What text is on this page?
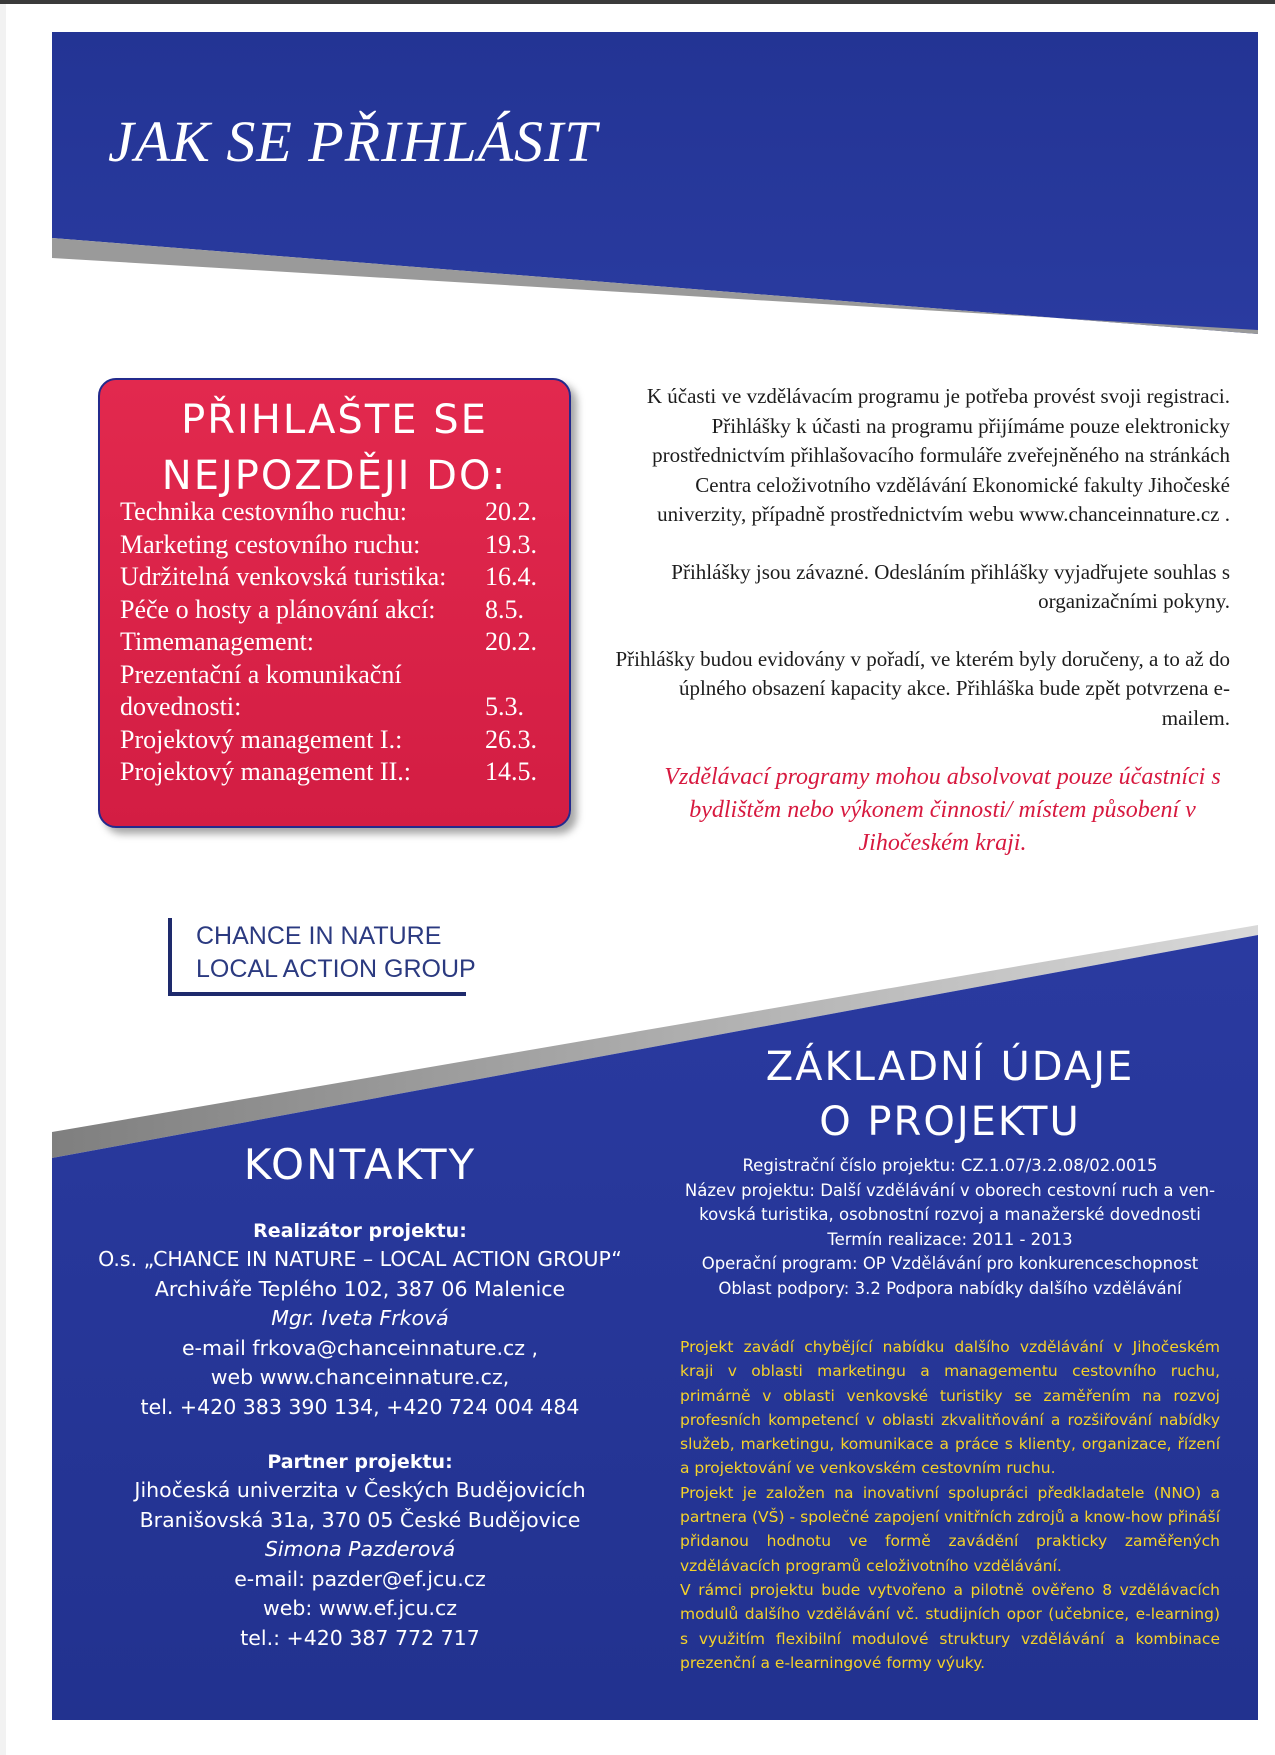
JAK SE PŘIHLÁSIT
PŘIHLAŠTE SE
NEJPOZDĚJI DO:
Technika cestovního ruchu:	20.2.
Marketing cestovního ruchu:	19.3.
Udržitelná venkovská turistika:	16.4.
Péče o hosty a plánování akcí:	8.5.
Timemanagement:	20.2.
Prezentační a komunikační
dovednosti:	5.3.
Projektový management I.:	26.3.
Projektový management II.:	14.5.

K účasti ve vzdělávacím programu je potřeba provést svoji registraci. Přihlášky k účasti na programu přijímáme pouze elektronicky prostřednictvím přihlašovacího formuláře zveřejněného na stránkách Centra celoživotního vzdělávání Ekonomické fakulty Jihočeské univerzity, případně prostřednictvím webu www.chanceinnature.cz .

Přihlášky jsou závazné. Odesláním přihlášky vyjadřujete souhlas s organizačními pokyny.

Přihlášky budou evidovány v pořadí, ve kterém byly doručeny, a to až do úplného obsazení kapacity akce. Přihláška bude zpět potvrzena e-mailem.

Vzdělávací programy mohou absolvovat pouze účastníci s bydlištěm nebo výkonem činnosti/ místem působení v Jihočeském kraji.

CHANCE IN NATURE
LOCAL ACTION GROUP
KONTAKTY
Realizátor projektu:
O.s. „CHANCE IN NATURE – LOCAL ACTION GROUP“
Archiváře Teplého 102, 387 06 Malenice
Mgr. Iveta Frková
e-mail frkova@chanceinnature.cz ,
web www.chanceinnature.cz,
tel. +420 383 390 134, +420 724 004 484
Partner projektu:
Jihočeská univerzita v Českých Budějovicích
Branišovská 31a, 370 05 České Budějovice
Simona Pazderová
e-mail: pazder@ef.jcu.cz
web: www.ef.jcu.cz
tel.: +420 387 772 717
ZÁKLADNÍ ÚDAJE
O PROJEKTU
Registrační číslo projektu: CZ.1.07/3.2.08/02.0015
Název projektu: Další vzdělávání v oborech cestovní ruch a ven-
kovská turistika, osobnostní rozvoj a manažerské dovednosti
Termín realizace: 2011 - 2013
Operační program: OP Vzdělávání pro konkurenceschopnost
Oblast podpory: 3.2 Podpora nabídky dalšího vzdělávání

Projekt zavádí chybějící nabídku dalšího vzdělávání v Jihočeském kraji v oblasti marketingu a managementu cestovního ruchu, primárně v oblasti venkovské turistiky se zaměřením na rozvoj profesních kompetencí v oblasti zkvalitňování a rozšiřování nabídky služeb, marketingu, komunikace a práce s klienty, organizace, řízení a projektování ve venkovském cestovním ruchu.

Projekt je založen na inovativní spolupráci předkladatele (NNO) a partnera (VŠ) - společné zapojení vnitřních zdrojů a know-how přináší přidanou hodnotu ve formě zavádění prakticky zaměřených vzdělávacích programů celoživotního vzdělávání.

V rámci projektu bude vytvořeno a pilotně ověřeno 8 vzdělávacích modulů dalšího vzdělávání vč. studijních opor (učebnice, e-learning) s využitím flexibilní modulové struktury vzdělávání a kombinace prezenční a e-learningové formy výuky.
